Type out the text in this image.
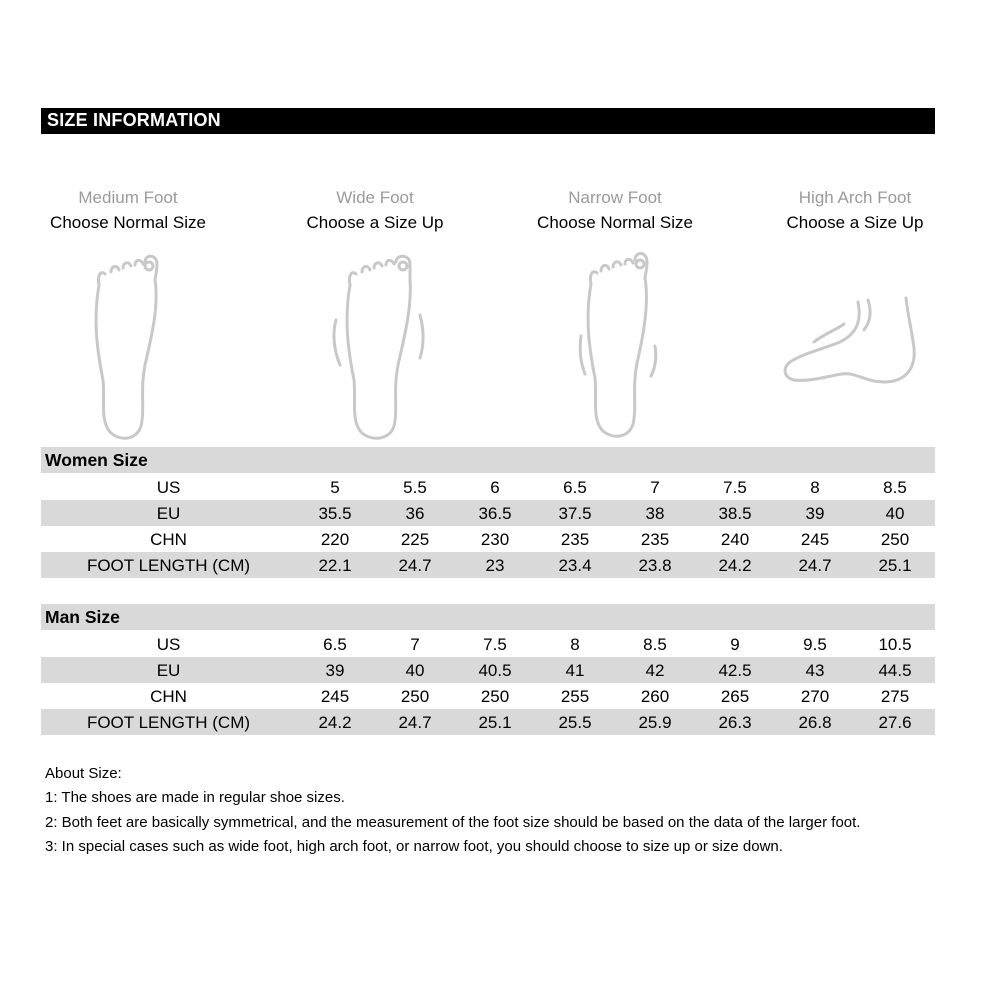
SIZE INFORMATION
Medium Foot
Choose Normal Size
Wide Foot
Choose a Size Up
Narrow Foot
Choose Normal Size
High Arch Foot
Choose a Size Up
Women Size
US	5	5.5	6	6.5	7	7.5	8	8.5
EU	35.5	36	36.5	37.5	38	38.5	39	40
CHN	220	225	230	235	235	240	245	250
FOOT LENGTH (CM)	22.1	24.7	23	23.4	23.8	24.2	24.7	25.1
Man Size
US	6.5	7	7.5	8	8.5	9	9.5	10.5
EU	39	40	40.5	41	42	42.5	43	44.5
CHN	245	250	250	255	260	265	270	275
FOOT LENGTH (CM)	24.2	24.7	25.1	25.5	25.9	26.3	26.8	27.6
About Size:
1: The shoes are made in regular shoe sizes.
2: Both feet are basically symmetrical, and the measurement of the foot size should be based on the data of the larger foot.
3: In special cases such as wide foot, high arch foot, or narrow foot, you should choose to size up or size down.
